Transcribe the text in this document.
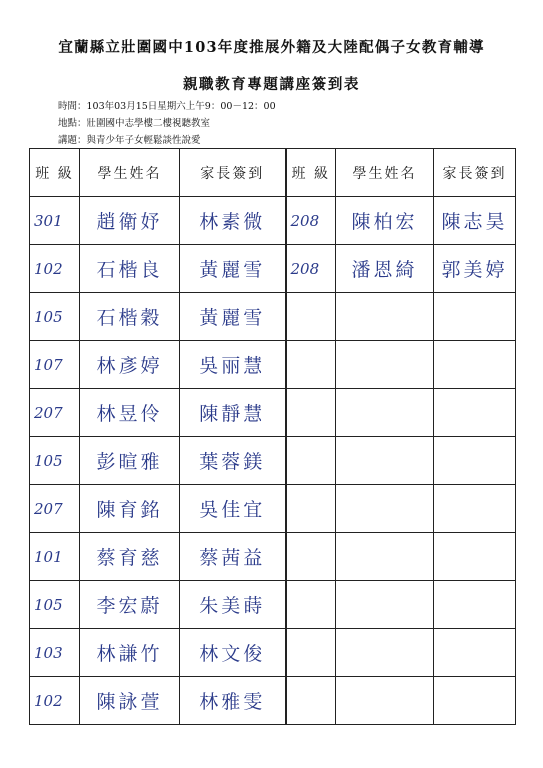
宜蘭縣立壯圍國中103年度推展外籍及大陸配偶子女教育輔導
親職教育專題講座簽到表
時間：103年03月15日星期六上午9：00－12：00
地點：壯圍國中志學樓二樓視聽教室
講題：與青少年子女輕鬆談性說愛
班 級	學生姓名	家長簽到	班 級	學生姓名	家長簽到

301	趙衛妤	林素微	208	陳柏宏	陳志昊

102	石楷良	黃麗雪	208	潘恩綺	郭美婷

105	石楷穀	黃麗雪			

107	林彥婷	吳丽慧			

207	林昱伶	陳靜慧			

105	彭暄雅	葉蓉鎂			

207	陳育銘	吳佳宜			

101	蔡育慈	蔡茜益			

105	李宏蔚	朱美蒔			

103	林謙竹	林文俊			

102	陳詠萱	林雅雯			
